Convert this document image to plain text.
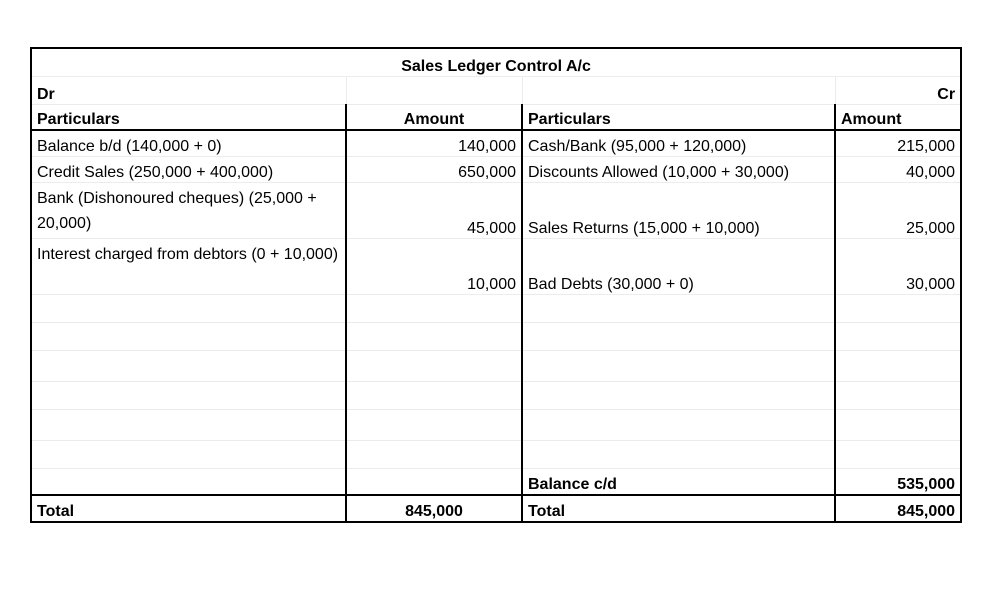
Sales Ledger Control A/c			
Dr			Cr
Particulars	Amount	Particulars	Amount
Balance b/d (140,000 + 0)	140,000	Cash/Bank (95,000 + 120,000)	215,000
Credit Sales (250,000 + 400,000)	650,000	Discounts Allowed (10,000 + 30,000)	40,000
Bank (Dishonoured cheques) (25,000 + 20,000)	45,000	Sales Returns (15,000 + 10,000)	25,000
Interest charged from debtors (0 + 10,000)	10,000	Bad Debts (30,000 + 0)	30,000

		Balance c/d	535,000
Total	845,000	Total	845,000
